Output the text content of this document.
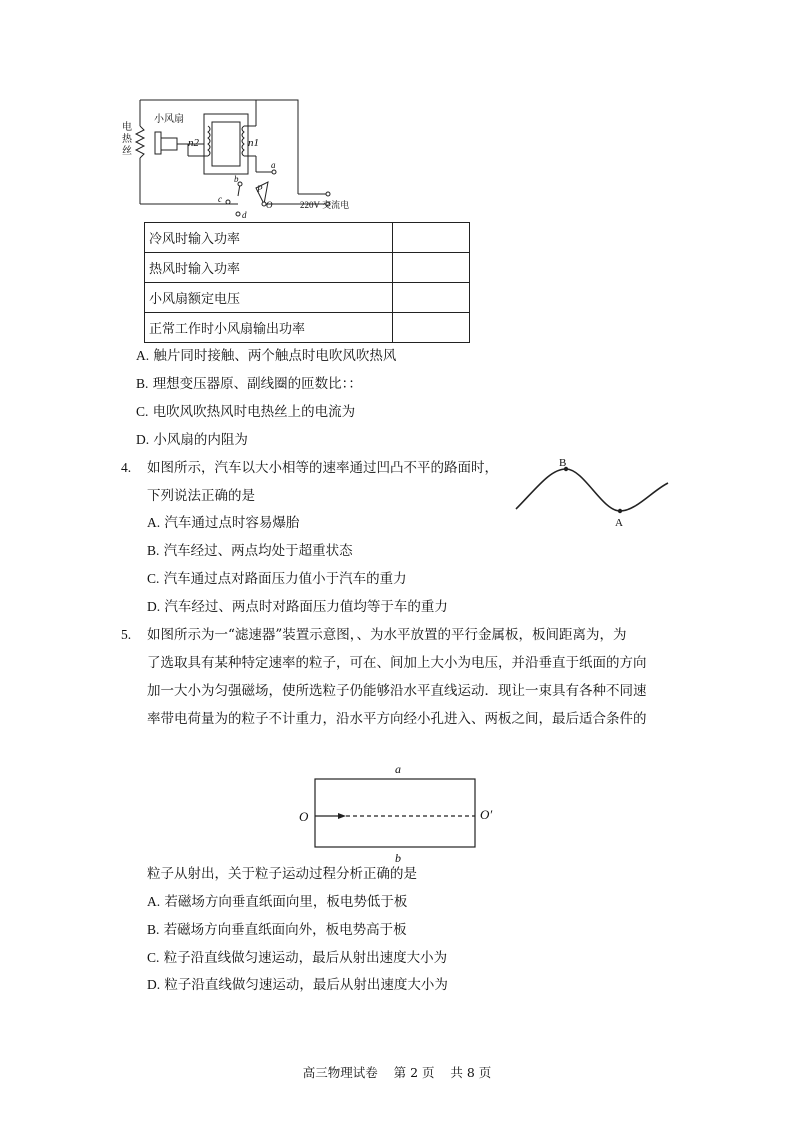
电
热
丝
小风扇
n2	n1
a
b
c
d
P
O	220V 交流电
冷风时输入功率	
热风时输入功率	
小风扇额定电压	
正常工作时小风扇输出功率	
A. 触片同时接触、两个触点时电吹风吹热风
B. 理想变压器原、副线圈的匝数比：：
C. 电吹风吹热风时电热丝上的电流为
D. 小风扇的内阻为
4. 如图所示，汽车以大小相等的速率通过凹凸不平的路面时，
下列说法正确的是
B
A
A. 汽车通过点时容易爆胎
B. 汽车经过、两点均处于超重状态
C. 汽车通过点对路面压力值小于汽车的重力
D. 汽车经过、两点时对路面压力值均等于车的重力
5. 如图所示为一“滤速器”装置示意图，、为水平放置的平行金属板，板间距离为，为
了选取具有某种特定速率的粒子，可在、间加上大小为电压，并沿垂直于纸面的方向
加一大小为匀强磁场，使所选粒子仍能够沿水平直线运动．现让一束具有各种不同速
率带电荷量为的粒子不计重力，沿水平方向经小孔进入、两板之间，最后适合条件的
a
b
O	O′
粒子从射出，关于粒子运动过程分析正确的是
A. 若磁场方向垂直纸面向里，板电势低于板
B. 若磁场方向垂直纸面向外，板电势高于板
C. 粒子沿直线做匀速运动，最后从射出速度大小为
D. 粒子沿直线做匀速运动，最后从射出速度大小为
高三物理试卷    第 2 页    共 8 页
